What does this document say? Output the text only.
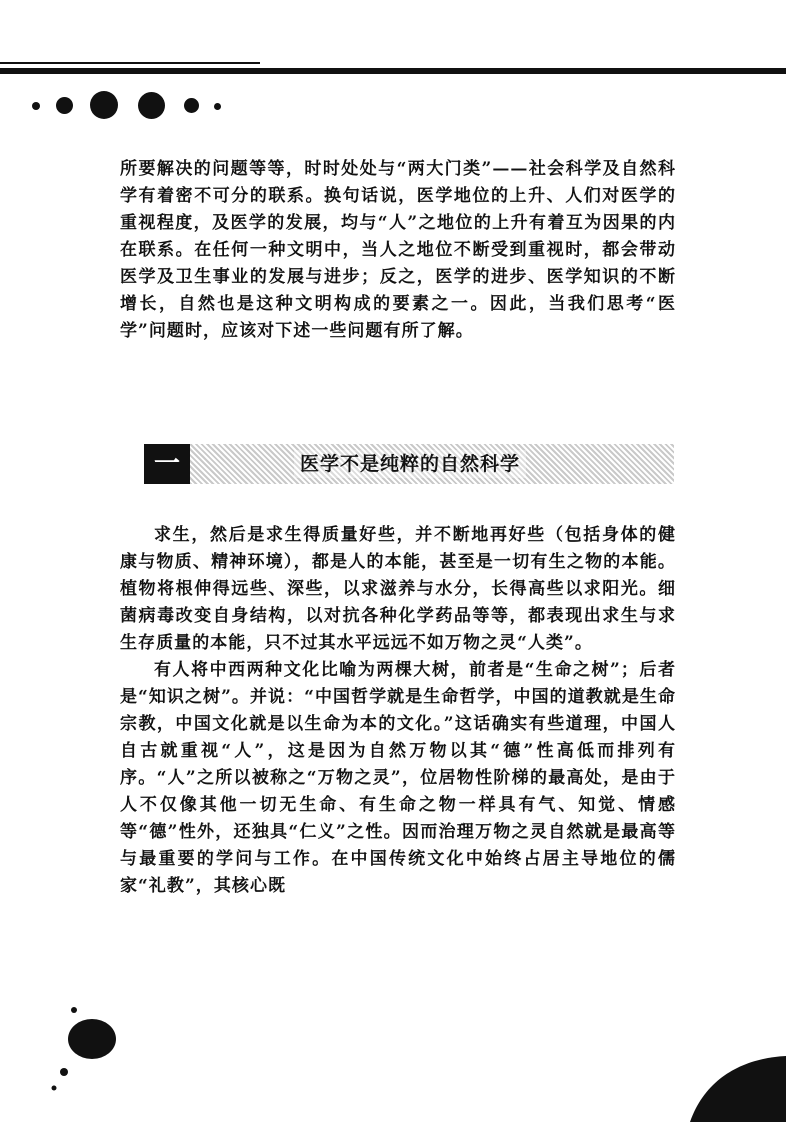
所要解决的问题等等，时时处处与“两大门类”——社会科学及自然科学有着密不可分的联系。换句话说，医学地位的上升、人们对医学的重视程度，及医学的发展，均与“人”之地位的上升有着互为因果的内在联系。在任何一种文明中，当人之地位不断受到重视时，都会带动医学及卫生事业的发展与进步；反之，医学的进步、医学知识的不断增长，自然也是这种文明构成的要素之一。因此，当我们思考“医学”问题时，应该对下述一些问题有所了解。

一	医学不是纯粹的自然科学

求生，然后是求生得质量好些，并不断地再好些（包括身体的健康与物质、精神环境），都是人的本能，甚至是一切有生之物的本能。植物将根伸得远些、深些，以求滋养与水分，长得高些以求阳光。细菌病毒改变自身结构，以对抗各种化学药品等等，都表现出求生与求生存质量的本能，只不过其水平远远不如万物之灵“人类”。

有人将中西两种文化比喻为两棵大树，前者是“生命之树”；后者是“知识之树”。并说：“中国哲学就是生命哲学，中国的道教就是生命宗教，中国文化就是以生命为本的文化。”这话确实有些道理，中国人自古就重视“人”，这是因为自然万物以其“德”性高低而排列有序。“人”之所以被称之“万物之灵”，位居物性阶梯的最高处，是由于人不仅像其他一切无生命、有生命之物一样具有气、知觉、情感等“德”性外，还独具“仁义”之性。因而治理万物之灵自然就是最高等与最重要的学问与工作。在中国传统文化中始终占居主导地位的儒家“礼教”，其核心既
